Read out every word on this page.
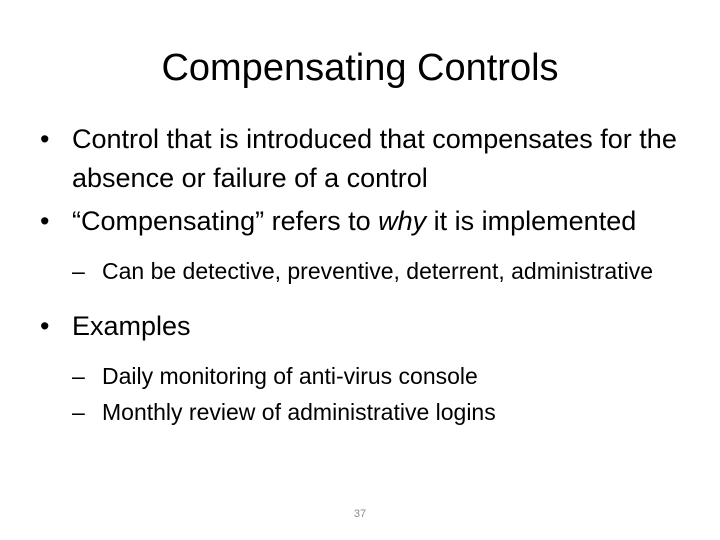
Compensating Controls
• Control that is introduced that compensates for the absence or failure of a control
• “Compensating” refers to why it is implemented
– Can be detective, preventive, deterrent, administrative
• Examples
– Daily monitoring of anti-virus console
– Monthly review of administrative logins
37
